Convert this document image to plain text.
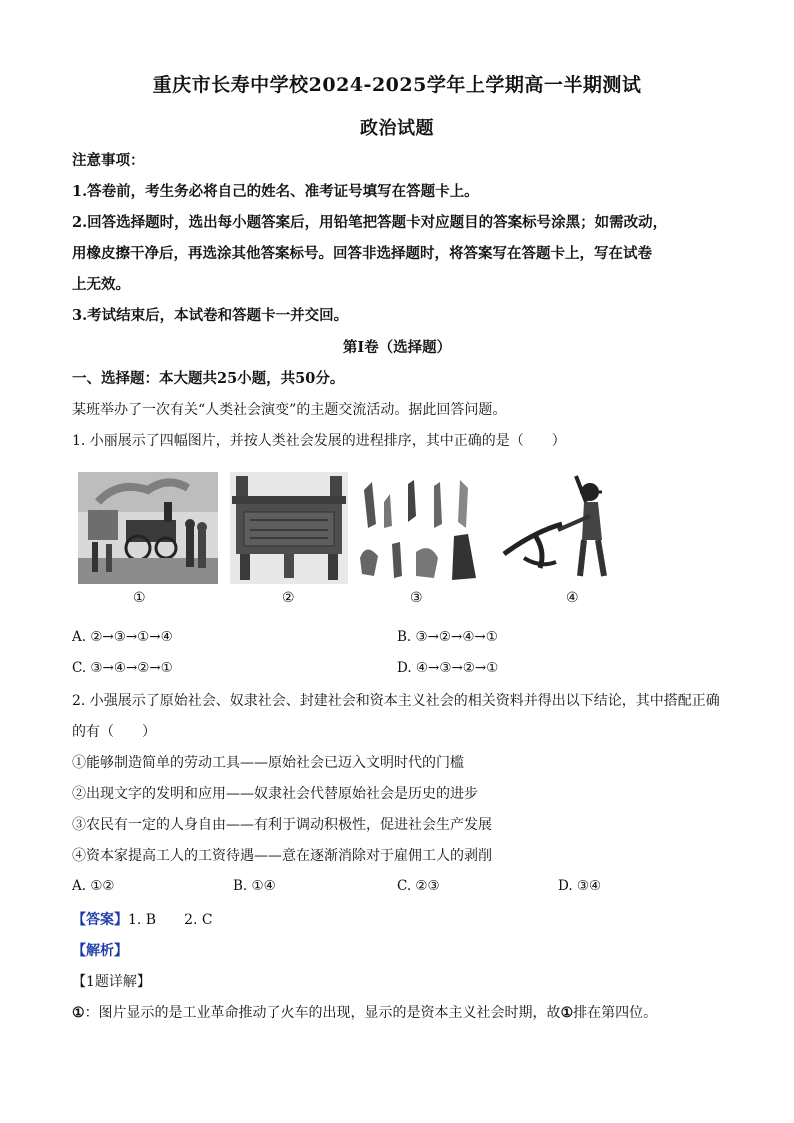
重庆市长寿中学校2024-2025学年上学期高一半期测试
政治试题
注意事项：
1.答卷前，考生务必将自己的姓名、准考证号填写在答题卡上。
2.回答选择题时，选出每小题答案后，用铅笔把答题卡对应题目的答案标号涂黑；如需改动，
用橡皮擦干净后，再选涂其他答案标号。回答非选择题时，将答案写在答题卡上，写在试卷
上无效。
3.考试结束后，本试卷和答题卡一并交回。
第Ⅰ卷（选择题）
一、选择题：本大题共25小题，共50分。
某班举办了一次有关“人类社会演变”的主题交流活动。据此回答问题。
1. 小丽展示了四幅图片，并按人类社会发展的进程排序，其中正确的是（　　）
①	②	③	④
A. ②→③→①→④	B. ③→②→④→①
C. ③→④→②→①	D. ④→③→②→①
2. 小强展示了原始社会、奴隶社会、封建社会和资本主义社会的相关资料并得出以下结论，其中搭配正确
的有（　　）
①能够制造简单的劳动工具——原始社会已迈入文明时代的门槛
②出现文字的发明和应用——奴隶社会代替原始社会是历史的进步
③农民有一定的人身自由——有利于调动积极性，促进社会生产发展
④资本家提高工人的工资待遇——意在逐渐消除对于雇佣工人的剥削
A. ①②	B. ①④	C. ②③	D. ③④
【答案】1. B　　2. C
【解析】
【1题详解】
①：图片显示的是工业革命推动了火车的出现，显示的是资本主义社会时期，故①排在第四位。
